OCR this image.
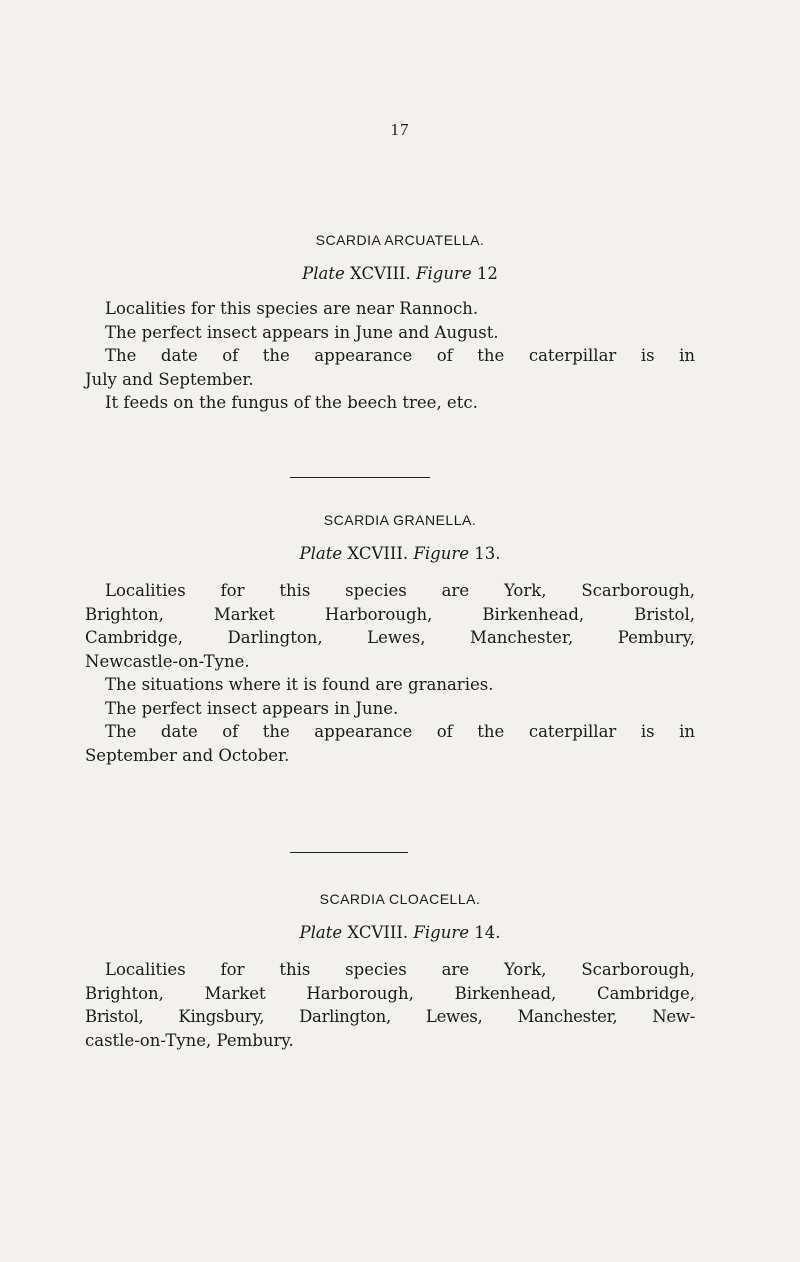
17
SCARDIA ARCUATELLA.
Plate XCVIII. Figure 12
Localities for this species are near Rannoch.
The perfect insect appears in June and August.
The date of the appearance of the caterpillar is in
July and September.
It feeds on the fungus of the beech tree, etc.
SCARDIA GRANELLA.
Plate XCVIII. Figure 13.
Localities for this species are York, Scarborough,
Brighton, Market Harborough, Birkenhead, Bristol,
Cambridge, Darlington, Lewes, Manchester, Pembury,
Newcastle-on-Tyne.
The situations where it is found are granaries.
The perfect insect appears in June.
The date of the appearance of the caterpillar is in
September and October.
SCARDIA CLOACELLA.
Plate XCVIII. Figure 14.
Localities for this species are York, Scarborough,
Brighton, Market Harborough, Birkenhead, Cambridge,
Bristol, Kingsbury, Darlington, Lewes, Manchester, New-
castle-on-Tyne, Pembury.
